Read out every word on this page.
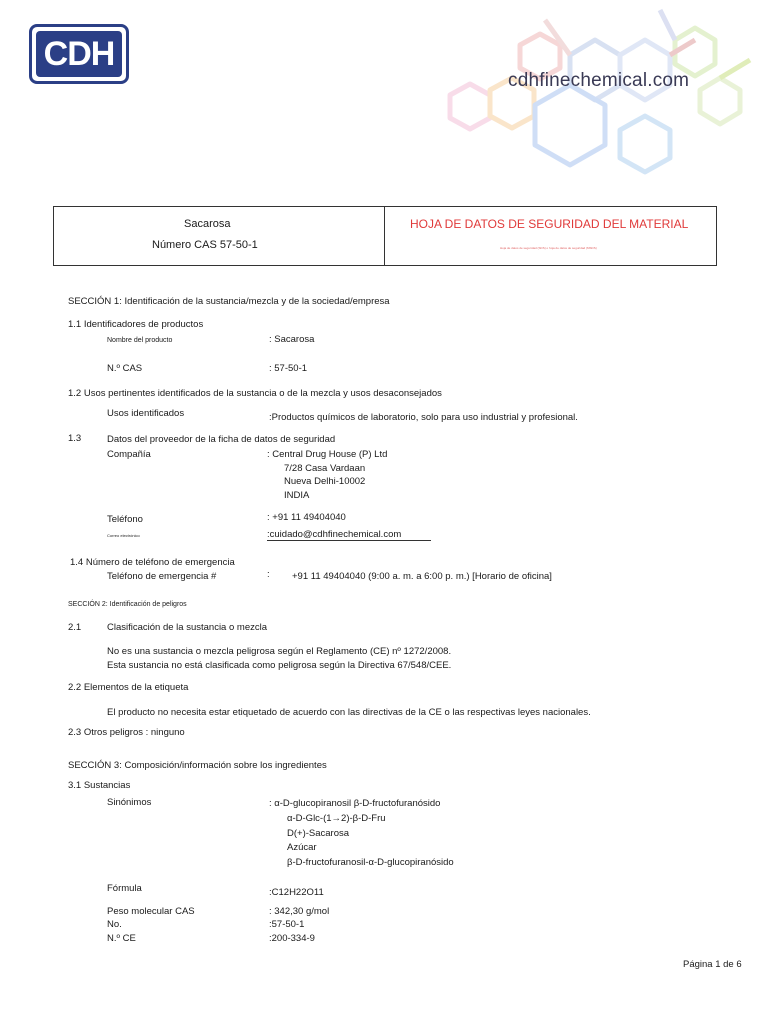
CDH
cdhfinechemical.com
Sacarosa
Número CAS 57-50-1
HOJA DE DATOS DE SEGURIDAD DEL MATERIAL
Hoja de datos de seguridad (SDS) o hoja de datos de seguridad (MSDS)
SECCIÓN 1: Identificación de la sustancia/mezcla y de la sociedad/empresa
1.1 Identificadores de productos
Nombre del producto	: Sacarosa
N.º CAS	: 57-50-1
1.2 Usos pertinentes identificados de la sustancia o de la mezcla y usos desaconsejados
Usos identificados	:Productos químicos de laboratorio, solo para uso industrial y profesional.
1.3	Datos del proveedor de la ficha de datos de seguridad
Compañía	: Central Drug House (P) Ltd
7/28 Casa Vardaan
Nueva Delhi-10002
INDIA
Teléfono	: +91 11 49404040
Correo electrónico	:cuidado@cdhfinechemical.com
1.4 Número de teléfono de emergencia
Teléfono de emergencia #	: +91 11 49404040 (9:00 a. m. a 6:00 p. m.) [Horario de oficina]
SECCIÓN 2: Identificación de peligros
2.1	Clasificación de la sustancia o mezcla
No es una sustancia o mezcla peligrosa según el Reglamento (CE) nº 1272/2008.
Esta sustancia no está clasificada como peligrosa según la Directiva 67/548/CEE.
2.2 Elementos de la etiqueta
El producto no necesita estar etiquetado de acuerdo con las directivas de la CE o las respectivas leyes nacionales.
2.3 Otros peligros : ninguno
SECCIÓN 3: Composición/información sobre los ingredientes
3.1 Sustancias
Sinónimos	: α-D-glucopiranosil β-D-fructofuranósido
α-D-Glc-(1→2)-β-D-Fru
D(+)-Sacarosa
Azúcar
β-D-fructofuranosil-α-D-glucopiranósido
Fórmula	:C12H22O11
Peso molecular CAS	: 342,30 g/mol
No.	:57-50-1
N.º CE	:200-334-9
Página 1 de 6
